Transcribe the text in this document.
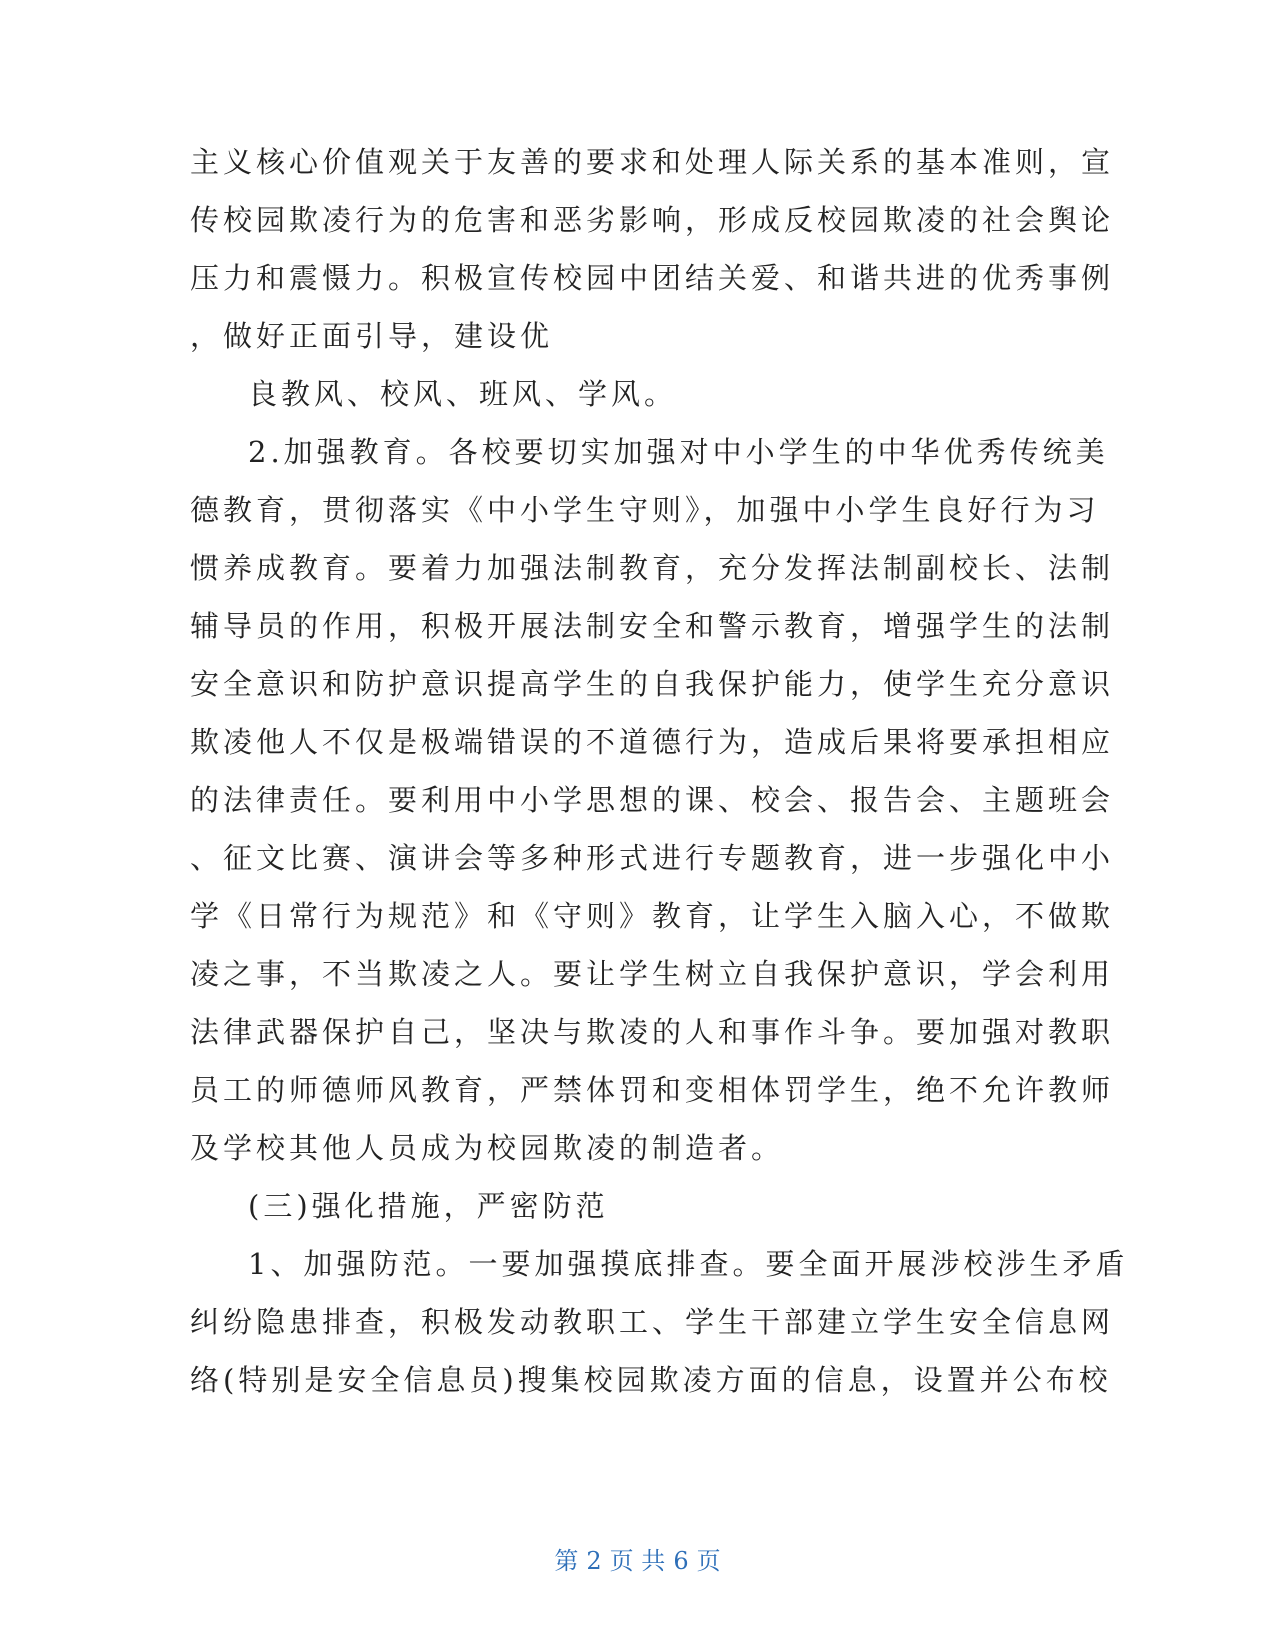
主义核心价值观关于友善的要求和处理人际关系的基本准则，宣
传校园欺凌行为的危害和恶劣影响，形成反校园欺凌的社会舆论
压力和震慑力。积极宣传校园中团结关爱、和谐共进的优秀事例
，做好正面引导，建设优
良教风、校风、班风、学风。
2.加强教育。各校要切实加强对中小学生的中华优秀传统美
德教育，贯彻落实《中小学生守则》，加强中小学生良好行为习
惯养成教育。要着力加强法制教育，充分发挥法制副校长、法制
辅导员的作用，积极开展法制安全和警示教育，增强学生的法制
安全意识和防护意识提高学生的自我保护能力，使学生充分意识
欺凌他人不仅是极端错误的不道德行为，造成后果将要承担相应
的法律责任。要利用中小学思想的课、校会、报告会、主题班会
、征文比赛、演讲会等多种形式进行专题教育，进一步强化中小
学《日常行为规范》和《守则》教育，让学生入脑入心，不做欺
凌之事，不当欺凌之人。要让学生树立自我保护意识，学会利用
法律武器保护自己，坚决与欺凌的人和事作斗争。要加强对教职
员工的师德师风教育，严禁体罚和变相体罚学生，绝不允许教师
及学校其他人员成为校园欺凌的制造者。
(三)强化措施，严密防范
1、加强防范。一要加强摸底排查。要全面开展涉校涉生矛盾
纠纷隐患排查，积极发动教职工、学生干部建立学生安全信息网
络(特别是安全信息员)搜集校园欺凌方面的信息，设置并公布校
第 2 页 共 6 页
